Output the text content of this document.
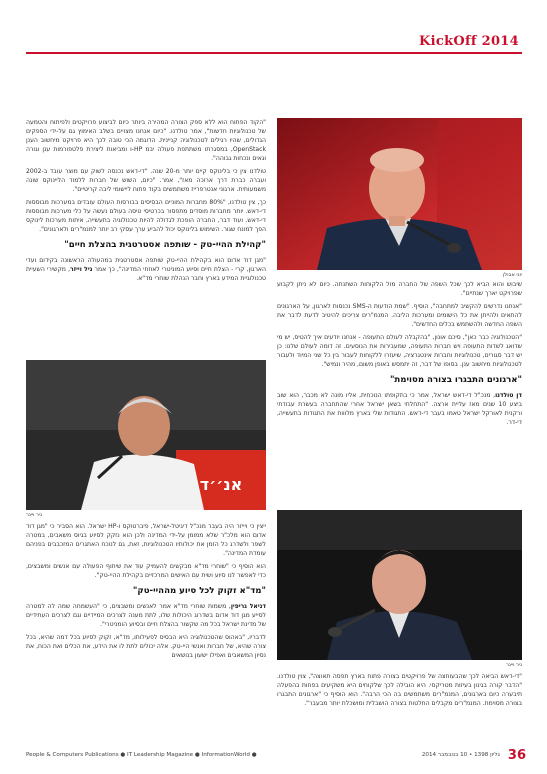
KickOff 2014
יוני אבולן

שיבוש והוא הביא לכך שכל השפה של החברה מול הלקוחות השתנתה. כיום לא ניתן לקבוע שפרויקט יארך שנתיים".

"אנחנו נדרשים להקשיב למתחבה", הוסיף. "שמת הודעות ה-SMS נכנסות לארגון, על הארגונים להתאים ולהייתן את כל הישומים ומערכות הליבה. המנמ"רים צריכים להיטיב לדעת לדבר את השפה החדשה ולהשתמש בכלים החדשים".

"הטכנולוגיה כבר כאן", סיכם אונון, "בהקבלה לעולם התעופה - אנחנו יודעים איך להטיס, יש מי שדואג לשדות התעופה ויש חברות התעופה, שמעבירות את הנוסעים. זה דומה לעולם שלנו: כן יש דבר סגורים, טכנולוגיות וחברות אינטגרציה, שיעזרו ללקוחות לעבור בין כל שני המיוד ולעבור לטכנולוגיות מיחשוב ענן. בסופו של דבר, זה יתמסש באופן משום, מהיר ונמיש".

"ארגונים התבגרו בצורה מסוימת"

דן טולדנו, מנכ"ל די-דאש ישראל, אמר כי בתקופתו הנוכחית, אליו מונה לא מכבר, הוא שוב ביצע 10 שנים מאז עליית ארצה. "התחלתי בשאן ישראל אחרי שהתחברה בעשרת עבודתי ורקנית לאורקל ישראל טאמו בעבר די-דאש. התגודות שלי בארץ מלווות את התגודות בתעשייה, די-דר.

ניר ויינר

"די-דאש הביאה לכך שהבעוחצה של פרויקטים בצורה פתוח בארץ תפסה תאוצה", צוין טולדנו. "הדבר קורה בגינון בעיזות מטריקסי. היא הובילה לכך שלקוחים היא משקיעים בפחות בהפעלה תיבערה כיום בארגונים, המנמ"רים משתמשים בה הכי הרבה". הוא הוסיף כי "ארגונים התבגרו בצורה מסוימת. המנמ"רים מקבלים החלטות בצורה הושבלית ומושכלת יותר מבעבר".

"הקוד הפתוח הוא ללא ספק הצורה המהירה ביותר כיום לביצוע פרויקטים ולפיתוח והטמעה של טכנולוגיות חדשות", אמר טולדנו. "כיום אנחנו מצויים בשלב האימוץ גם על-ידי הספקים הגדולים, שהיו רגילים לטכנולוגיה קניינית. הדוגמה הכי טובה לכך היא פרויקט מיחשוב הענן OpenStack, במסגרתו משתתפת פעולה יבמ HP-ו ומביאות ליצירת פלטפורמות ענן וגורה וגאים ונכחות גבוהה".

טולדנו צין כי בלינוקס קיים יותר מ-20 שנה. "די-דאש נכנסה לשוק עם מוצר עובד ב-2002 ועברה כברת דרך ארוכה מאז", אמר. "כיום, השוש של חברות ללמוד הליינוקס שונה משמעותית. ארגוני אנטרפרייז משתמשים בקוד פתוח ליישומי ליבה קריטיים".

כך, צין טולדנו, "80% מחברות המוניים הבסיסים בבורסות העולם עובדים במערכות מבוססות די-דאש. יותר מחברות מוסדים מתפסור בכרטיסי טיסה בעולם נעשה על כלי מערכות מבוססות די-דאש. ועוד דבר, החברה הופכת לגדולה להיות טכנולוגיה בתעשייה, איתות מערכות לינוקס הפך למונח שגור. השימוש בלינוקס יכול להביע ערך עסקי רב יותר למנמ"רים ולארגונים".

"קהילת ההיי-טק - שותפה אסטרטגית בהצלת חיים"

"מגן דוד אדום הוא בקהילת ההיי-טק שותפה אסטרטגית במהעולה הראשונה בקידום ועדי הארגון, קרי - הצלת חיים וסיוע המוניטרי לאוזחי המדינה", כך אמר גיל וייזר, מקשירי השעיית טכנולוגיית המידע בארץ וחבר הנהלת שוחרי מד"א.

אנ׳׳ד
ניר ויינר

ייצין כי ויייזר היה בעבר מנכ"ל דיגיטל-ישראל, פיברטוקס ו-HP ישראל. הוא הסביר כי "מגן דוד אדום הוא מלכ"ר שלא ממומן על-ידי המדינה ולכן הוא נזקק לסיוע בגיוס משאבים, במטרה לשפר ולשדרג כל הזמן את יכולותיו הטכנולוגיות, זאת, גם לנוכח האתגרים המזכבבים בפניהם עומדת המדינה".

הוא הוסיף כי "שוחרי מד"א מבקשים להעמיק עוד את שיתוף הפעולה עם אנשים ומשבצים, כדי לאפשר לנו סיוע ושית עם האישים המרכזיים בקהילת ההיי-טק".

"מד"א זקוק לכל סיוע מההיי-טק"

דניאל גריפין, משמות שוחרי מד"א אמר לאנשים ומשבצים, כי "העשמחה שמה לה למטרה לסייע מגן דוד אדום בשדרוג היכולות שלו, לתת מענה לצרכים המיידיים וגם לצרכים העתידיים של מדינת ישראל בכל מה שקשור בהצלת חיים ובסיוע הומניטרי".

לדבריו, "באהוס שהטכנולוגיה היא הבסיס לפעילותו, מד"א, זקוק לסיוע בכל דמה שהיא, בכל צורה שהיא, של חברות ואנשי היי-טק. אלה יכולים לתת לו את הידע, את הכלים ואת הכוח, את נסיון המשאבים ואפילו ישעון בנושאים

People & Computers Publications ● IT Leadership Magazine ● InformationWorld ●	36
גליון 1398 • 10 בנובמבר 2014
